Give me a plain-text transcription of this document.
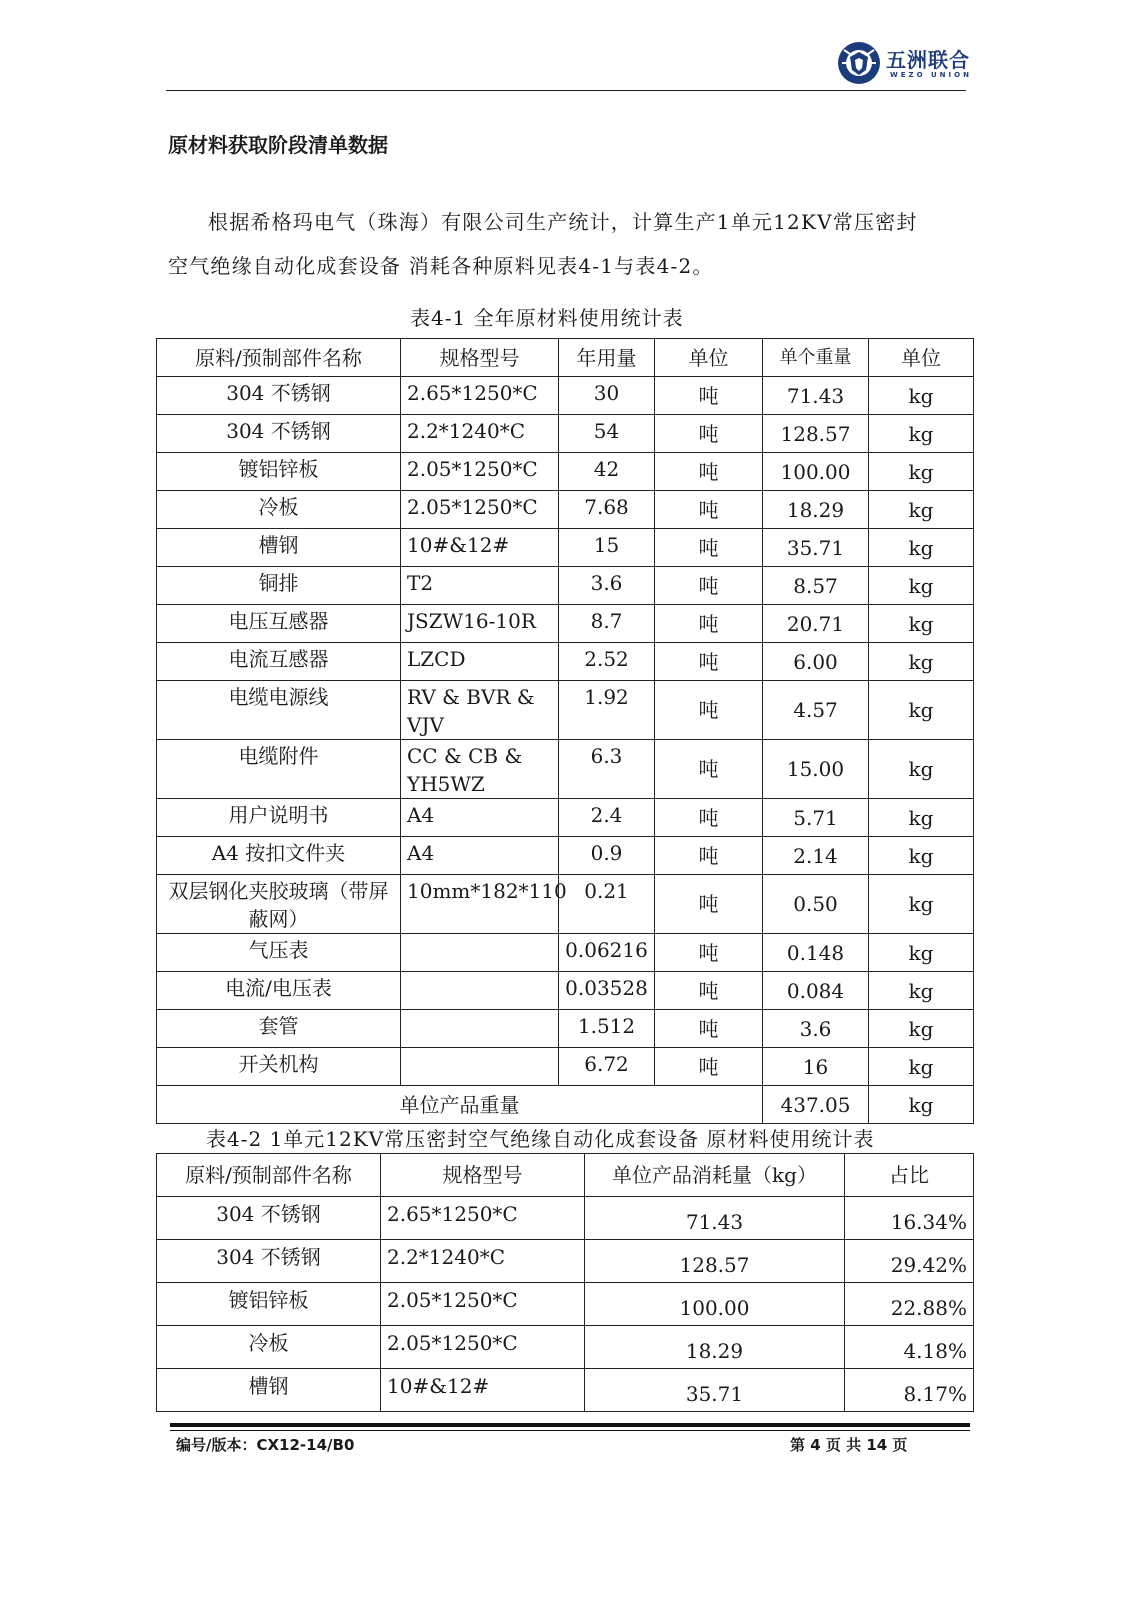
五洲联合
WEZO UNION
原材料获取阶段清单数据
根据希格玛电气（珠海）有限公司生产统计，计算生产1单元12KV常压密封
空气绝缘自动化成套设备 消耗各种原料见表4-1与表4-2。
表4-1 全年原材料使用统计表
原料/预制部件名称	规格型号	年用量	单位	单个重量	单位
304 不锈钢	2.65*1250*C	30	吨	71.43	kg
304 不锈钢	2.2*1240*C	54	吨	128.57	kg
镀铝锌板	2.05*1250*C	42	吨	100.00	kg
冷板	2.05*1250*C	7.68	吨	18.29	kg
槽钢	10#&12#	15	吨	35.71	kg
铜排	T2	3.6	吨	8.57	kg
电压互感器	JSZW16-10R	8.7	吨	20.71	kg
电流互感器	LZCD	2.52	吨	6.00	kg
电缆电源线	RV & BVR & VJV	1.92	吨	4.57	kg
电缆附件	CC & CB & YH5WZ	6.3	吨	15.00	kg
用户说明书	A4	2.4	吨	5.71	kg
A4 按扣文件夹	A4	0.9	吨	2.14	kg
双层钢化夹胶玻璃（带屏蔽网）	10mm*182*110	0.21	吨	0.50	kg
气压表		0.06216	吨	0.148	kg
电流/电压表		0.03528	吨	0.084	kg
套管		1.512	吨	3.6	kg
开关机构		6.72	吨	16	kg
单位产品重量				437.05	kg
表4-2 1单元12KV常压密封空气绝缘自动化成套设备 原材料使用统计表
原料/预制部件名称	规格型号	单位产品消耗量（kg）	占比
304 不锈钢	2.65*1250*C	71.43	16.34%
304 不锈钢	2.2*1240*C	128.57	29.42%
镀铝锌板	2.05*1250*C	100.00	22.88%
冷板	2.05*1250*C	18.29	4.18%
槽钢	10#&12#	35.71	8.17%
编号/版本：CX12-14/B0	第 4 页 共 14 页
